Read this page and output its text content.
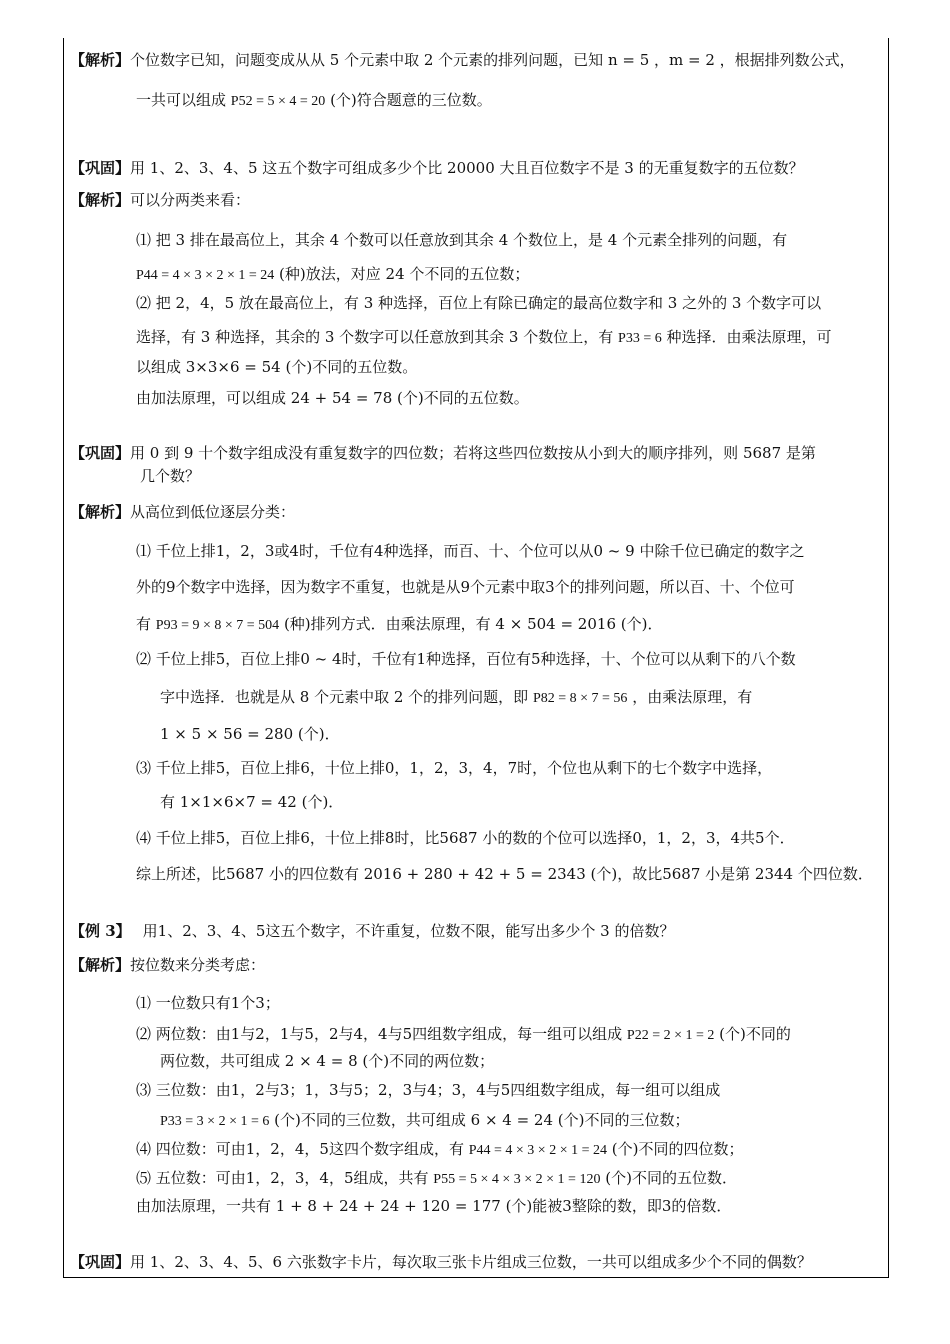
【解析】个位数字已知，问题变成从从 5 个元素中取 2 个元素的排列问题，已知 n = 5 ，m = 2 ，根据排列数公式，
一共可以组成 P52 = 5 × 4 = 20 (个)符合题意的三位数。
【巩固】用 1、2、3、4、5 这五个数字可组成多少个比 20000 大且百位数字不是 3 的无重复数字的五位数？
【解析】可以分两类来看：
⑴ 把 3 排在最高位上，其余 4 个数可以任意放到其余 4 个数位上，是 4 个元素全排列的问题，有
P44 = 4 × 3 × 2 × 1 = 24 (种)放法，对应 24 个不同的五位数；
⑵ 把 2，4，5 放在最高位上，有 3 种选择，百位上有除已确定的最高位数字和 3 之外的 3 个数字可以
选择，有 3 种选择，其余的 3 个数字可以任意放到其余 3 个数位上，有 P33 = 6 种选择．由乘法原理，可
以组成 3×3×6 = 54 (个)不同的五位数。
由加法原理，可以组成 24 + 54 = 78 (个)不同的五位数。
【巩固】用 0 到 9 十个数字组成没有重复数字的四位数；若将这些四位数按从小到大的顺序排列，则 5687 是第
几个数？
【解析】从高位到低位逐层分类：
⑴ 千位上排1，2，3或4时，千位有4种选择，而百、十、个位可以从0 ~ 9 中除千位已确定的数字之
外的9个数字中选择，因为数字不重复，也就是从9个元素中取3个的排列问题，所以百、十、个位可
有 P93 = 9 × 8 × 7 = 504 (种)排列方式．由乘法原理，有 4 × 504 = 2016 (个)．
⑵ 千位上排5，百位上排0 ~ 4时，千位有1种选择，百位有5种选择，十、个位可以从剩下的八个数
字中选择．也就是从 8 个元素中取 2 个的排列问题，即 P82 = 8 × 7 = 56 ，由乘法原理，有
1 × 5 × 56 = 280 (个)．
⑶ 千位上排5，百位上排6，十位上排0，1，2，3，4，7时，个位也从剩下的七个数字中选择，
有 1×1×6×7 = 42 (个)．
⑷ 千位上排5，百位上排6，十位上排8时，比5687 小的数的个位可以选择0，1，2，3，4共5个．
综上所述，比5687 小的四位数有 2016 + 280 + 42 + 5 = 2343 (个)，故比5687 小是第 2344 个四位数．
【例 3】 用1、2、3、4、5这五个数字，不许重复，位数不限，能写出多少个 3 的倍数？
【解析】按位数来分类考虑：
⑴ 一位数只有1个3；
⑵ 两位数：由1与2，1与5，2与4，4与5四组数字组成，每一组可以组成 P22 = 2 × 1 = 2 (个)不同的
两位数，共可组成 2 × 4 = 8 (个)不同的两位数；
⑶ 三位数：由1，2与3；1，3与5；2，3与4；3，4与5四组数字组成，每一组可以组成
P33 = 3 × 2 × 1 = 6 (个)不同的三位数，共可组成 6 × 4 = 24 (个)不同的三位数；
⑷ 四位数：可由1，2，4，5这四个数字组成，有 P44 = 4 × 3 × 2 × 1 = 24 (个)不同的四位数；
⑸ 五位数：可由1，2，3，4，5组成，共有 P55 = 5 × 4 × 3 × 2 × 1 = 120 (个)不同的五位数．
由加法原理，一共有 1 + 8 + 24 + 24 + 120 = 177 (个)能被3整除的数，即3的倍数．
【巩固】用 1、2、3、4、5、6 六张数字卡片，每次取三张卡片组成三位数，一共可以组成多少个不同的偶数？
